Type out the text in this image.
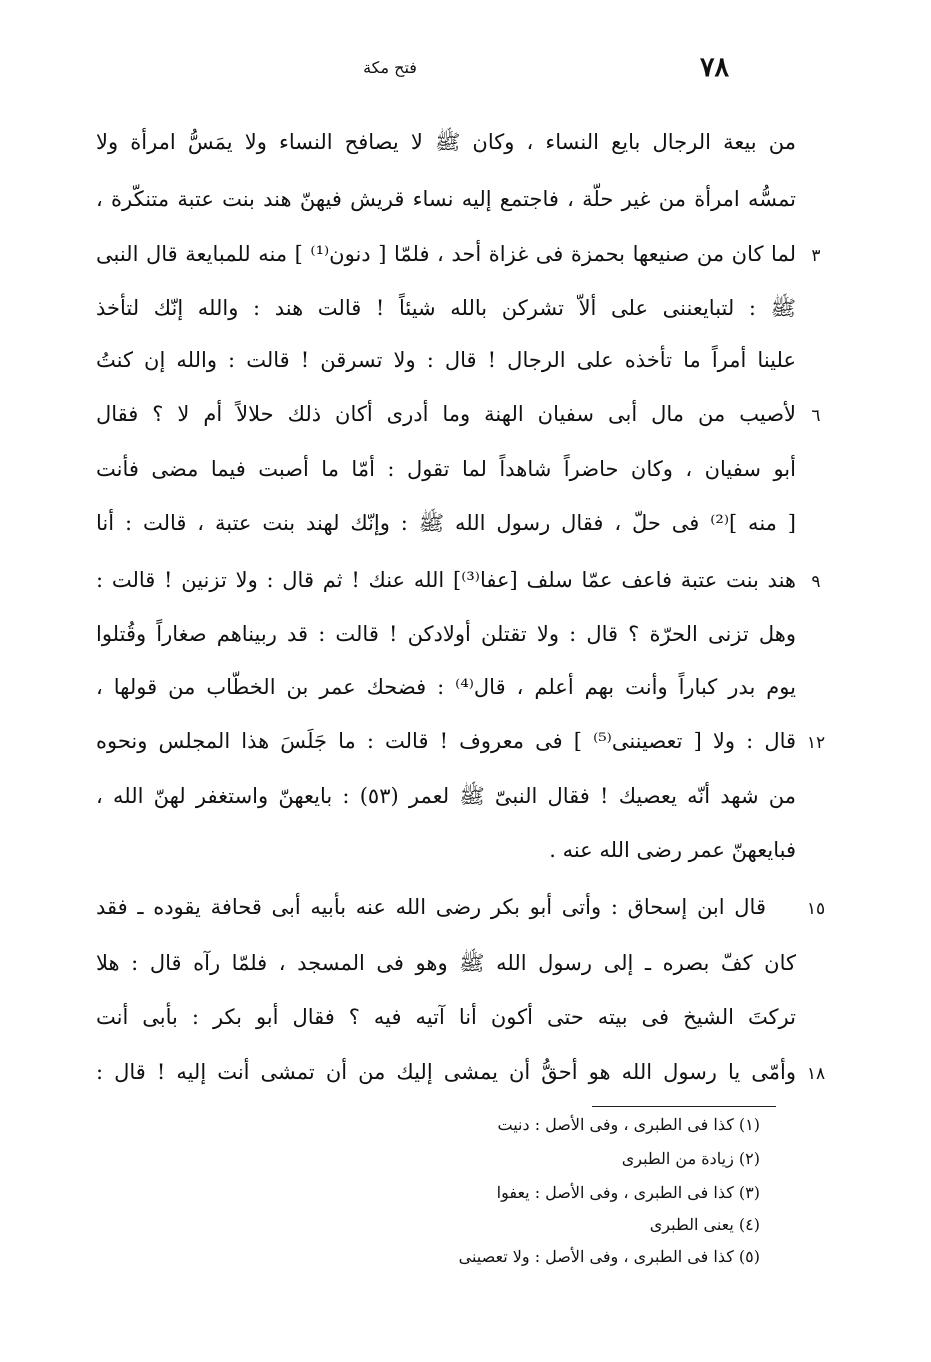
٧٨
فتح مكة
من بيعة الرجال بايع النساء ، وكان ﷺ لا يصافح النساء ولا يمَسُّ امرأة ولا
تمسُّه امرأة من غير حلّة ، فاجتمع إليه نساء قريش فيهنّ هند بنت عتبة متنكّرة ،
لما كان من صنيعها بحمزة فى غزاة أحد ، فلمّا [ دنون⁽¹⁾ ] منه للمبايعة قال النبى
ﷺ : لتبايعننى على ألاّ تشركن بالله شيئاً ! قالت هند : والله إنّك لتأخذ
علينا أمراً ما تأخذه على الرجال ! قال : ولا تسرقن ! قالت : والله إن كنتُ
لأصيب من مال أبى سفيان الهنة وما أدرى أكان ذلك حلالاً أم لا ؟ فقال
أبو سفيان ، وكان حاضراً شاهداً لما تقول : أمّا ما أصبت فيما مضى فأنت
[ منه ]⁽²⁾ فى حلّ ، فقال رسول الله ﷺ : وإنّك لهند بنت عتبة ، قالت : أنا
هند بنت عتبة فاعف عمّا سلف [عفا⁽³⁾] الله عنك ! ثم قال : ولا تزنين ! قالت :
وهل تزنى الحرّة ؟ قال : ولا تقتلن أولادكن ! قالت : قد ربيناهم صغاراً وقُتلوا
يوم بدر كباراً وأنت بهم أعلم ، قال⁽⁴⁾ : فضحك عمر بن الخطّاب من قولها ،
قال : ولا [ تعصيننى⁽⁵⁾ ] فى معروف ! قالت : ما جَلَسَ هذا المجلس ونحوه
من شهد أنّه يعصيك ! فقال النبىّ ﷺ لعمر (٥٣) : بايعهنّ واستغفر لهنّ الله ،
فبايعهنّ عمر رضى الله عنه .
قال ابن إسحاق : وأتى أبو بكر رضى الله عنه بأبيه أبى قحافة يقوده ـ فقد
كان كفّ بصره ـ إلى رسول الله ﷺ وهو فى المسجد ، فلمّا رآه قال : هلا
تركتَ الشيخ فى بيته حتى أكون أنا آتيه فيه ؟ فقال أبو بكر : بأبى أنت
وأمّى يا رسول الله هو أحقُّ أن يمشى إليك من أن تمشى أنت إليه ! قال :
٣
٦
٩
١٢
١٥
١٨
(١) كذا فى الطبرى ، وفى الأصل : دنيت
(٢) زيادة من الطبرى
(٣) كذا فى الطبرى ، وفى الأصل : يعفوا
(٤) يعنى الطبرى
(٥) كذا فى الطبرى ، وفى الأصل : ولا تعصينى
